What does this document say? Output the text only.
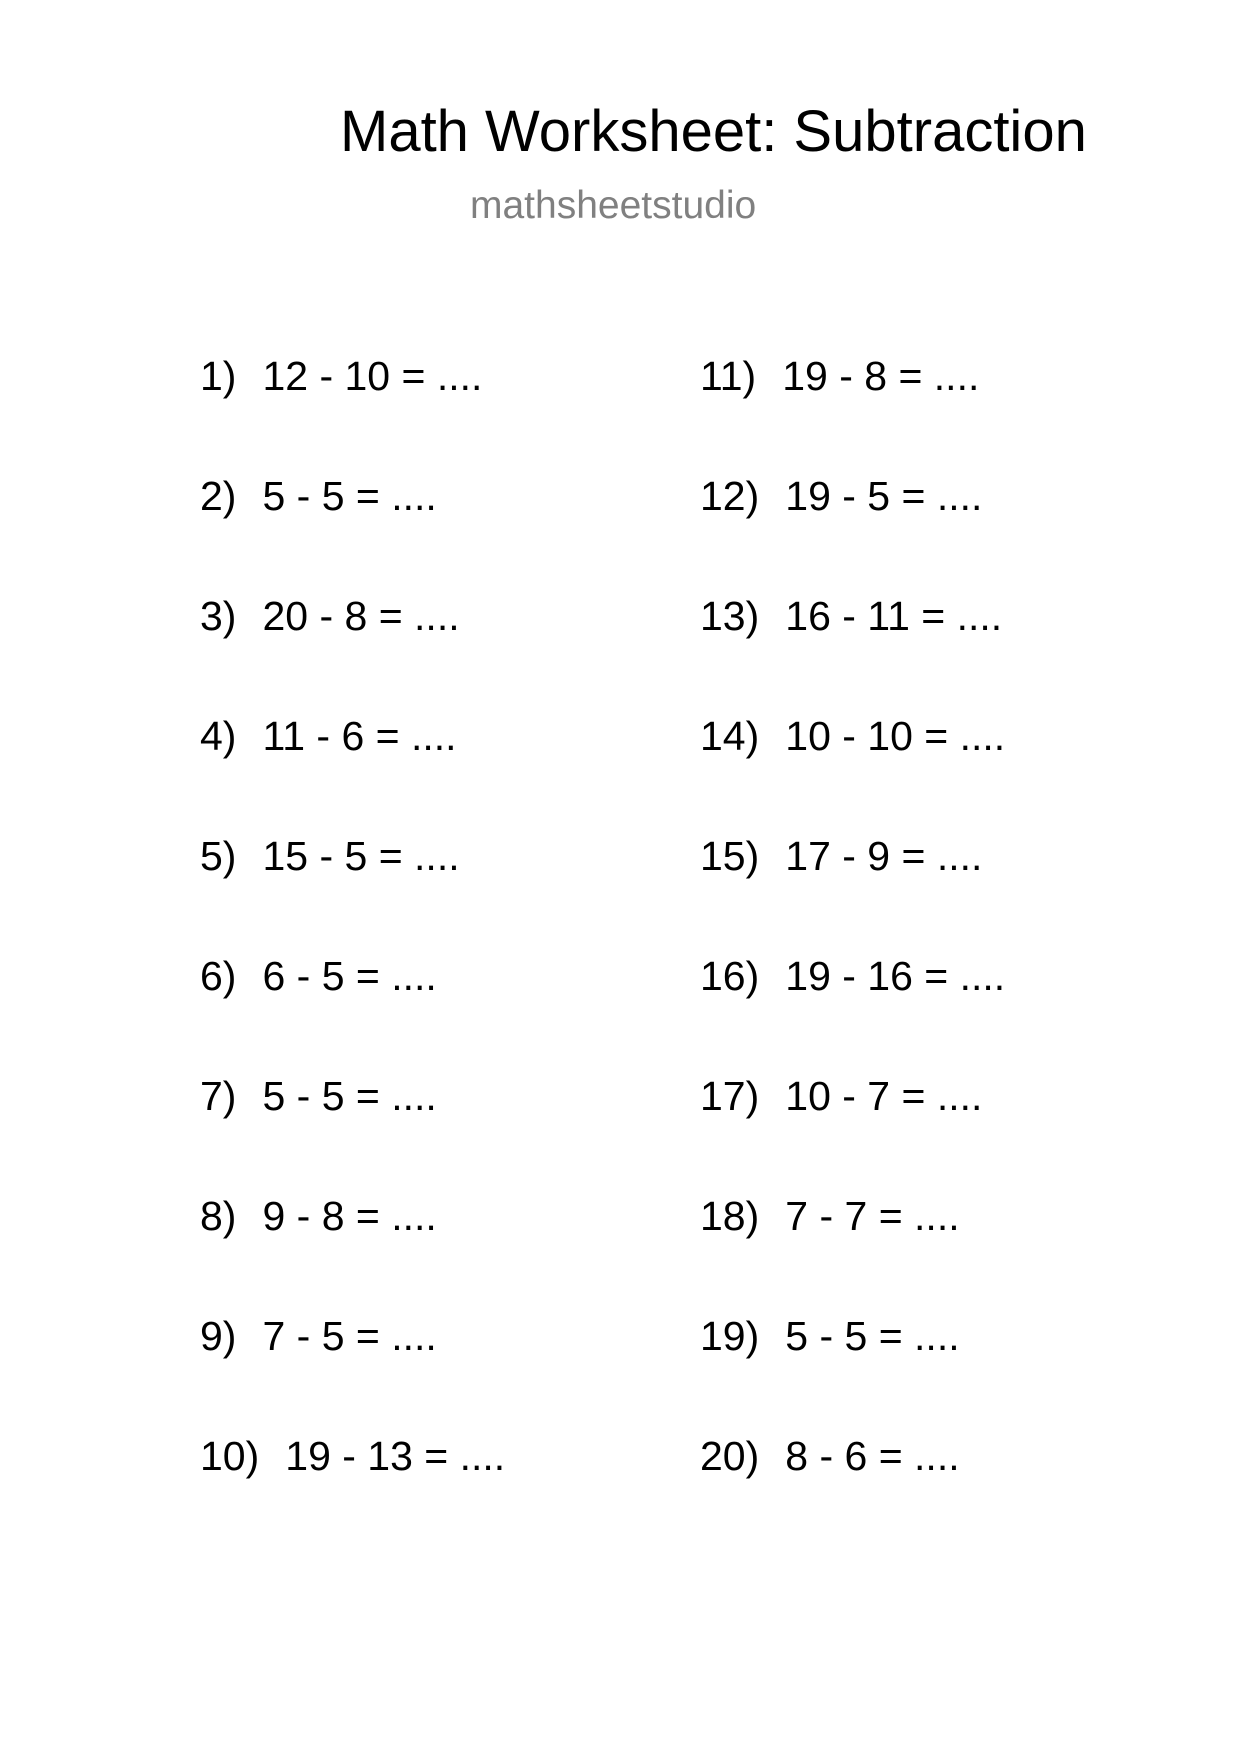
Math Worksheet: Subtraction
mathsheetstudio
1) 12 - 10 = ....
2) 5 - 5 = ....
3) 20 - 8 = ....
4) 11 - 6 = ....
5) 15 - 5 = ....
6) 6 - 5 = ....
7) 5 - 5 = ....
8) 9 - 8 = ....
9) 7 - 5 = ....
10) 19 - 13 = ....
11) 19 - 8 = ....
12) 19 - 5 = ....
13) 16 - 11 = ....
14) 10 - 10 = ....
15) 17 - 9 = ....
16) 19 - 16 = ....
17) 10 - 7 = ....
18) 7 - 7 = ....
19) 5 - 5 = ....
20) 8 - 6 = ....
